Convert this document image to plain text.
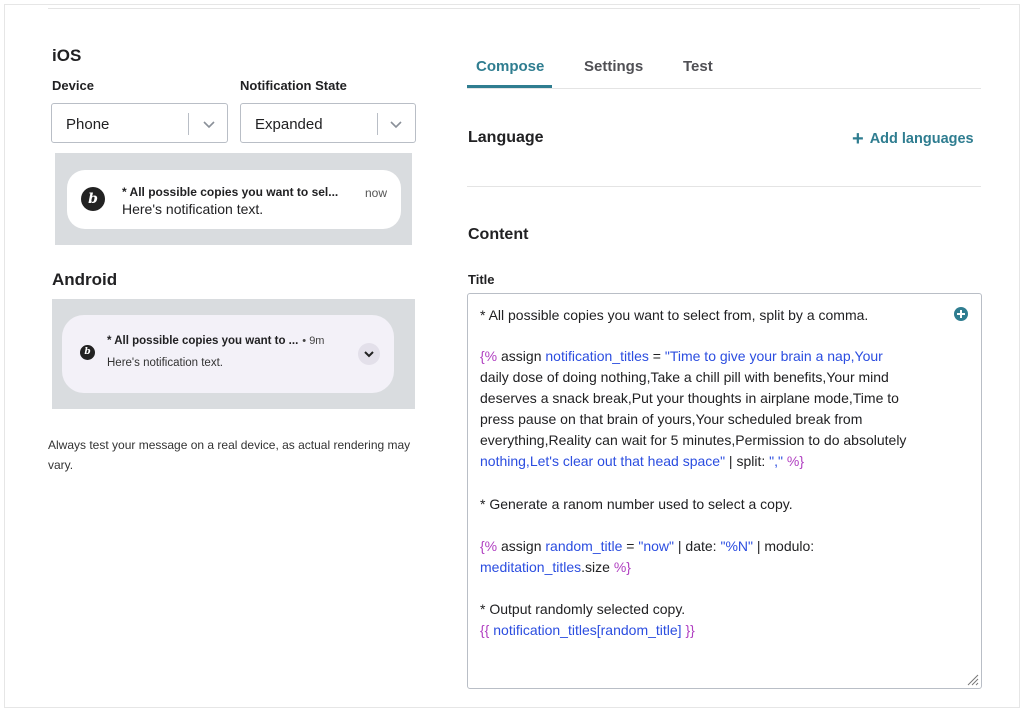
iOS
Device	Notification State
Phone	Expanded
b	* All possible copies you want to sel...
Here's notification text.
now
Android
b
* All possible copies you want to ... • 9m
Here's notification text.
Always test your message on a real device, as actual rendering may vary.
Compose	Settings	Test
Language	+ Add languages
Content
Title
* All possible copies you want to select from, split by a comma.
{% assign notification_titles = "Time to give your brain a nap,Your
daily dose of doing nothing,Take a chill pill with benefits,Your mind
deserves a snack break,Put your thoughts in airplane mode,Time to
press pause on that brain of yours,Your scheduled break from
everything,Reality can wait for 5 minutes,Permission to do absolutely
nothing,Let's clear out that head space" | split: "," %}
* Generate a ranom number used to select a copy.
{% assign random_title = "now" | date: "%N" | modulo:
meditation_titles.size %}
* Output randomly selected copy.
{{ notification_titles[random_title] }}
